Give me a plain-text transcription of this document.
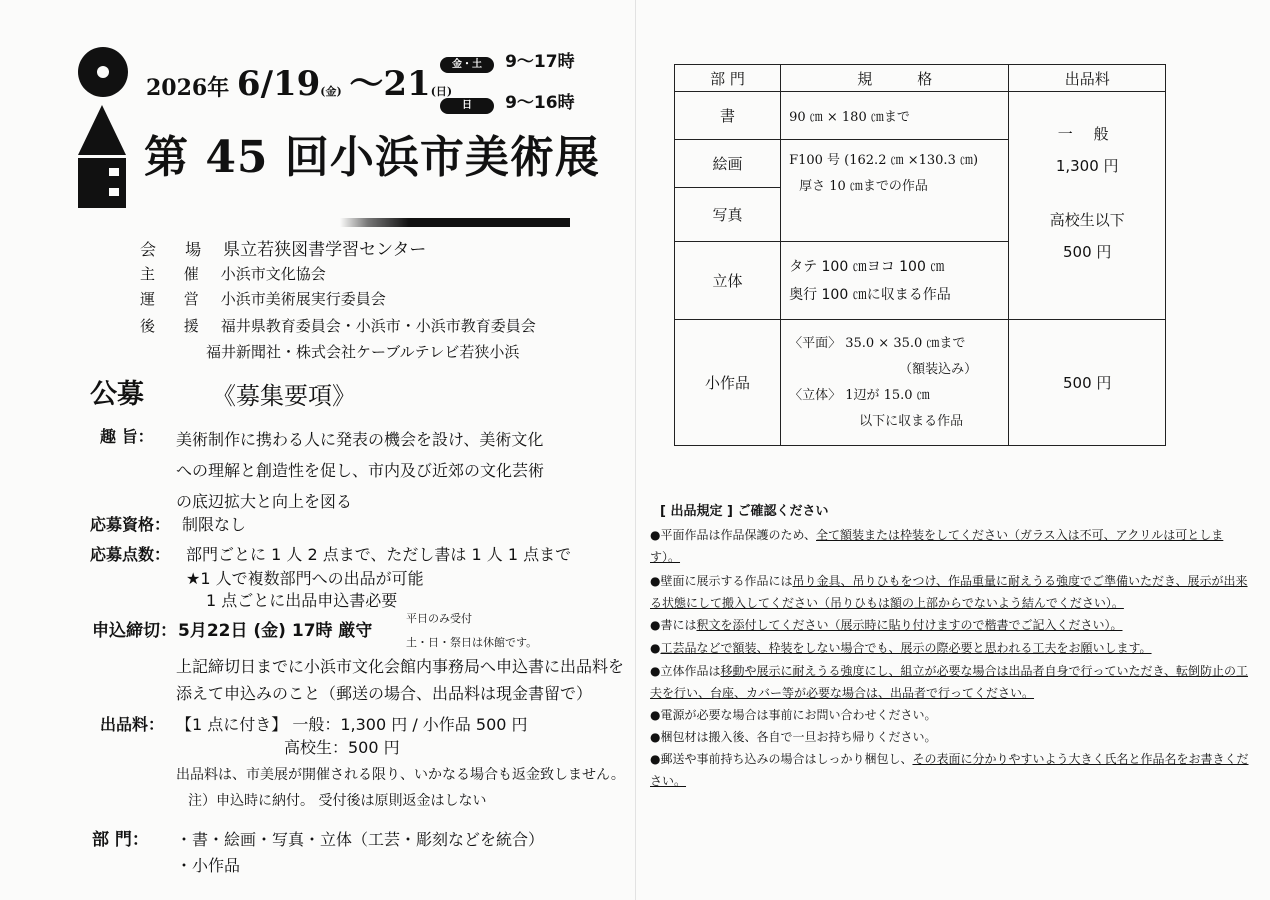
2026年 6/19(金) ～21(日)
金・土 9～17時
日 9～16時
第 45 回小浜市美術展
会 場 県立若狭図書学習センター
主 催 小浜市文化協会
運 営 小浜市美術展実行委員会
後 援 福井県教育委員会・小浜市・小浜市教育委員会
福井新聞社・株式会社ケーブルテレビ若狭小浜
公募	《募集要項》
趣 旨： 美術制作に携わる人に発表の機会を設け、美術文化
への理解と創造性を促し、市内及び近郊の文化芸術
の底辺拡大と向上を図る
応募資格： 制限なし
応募点数： 部門ごとに 1 人 2 点まで、ただし書は 1 人 1 点まで
★1 人で複数部門への出品が可能
1 点ごとに出品申込書必要
申込締切： 5月22日 (金) 17時 厳守
平日のみ受付
土・日・祭日は休館です。
上記締切日までに小浜市文化会館内事務局へ申込書に出品料を
添えて申込みのこと（郵送の場合、出品料は現金書留で）
出品料： 【1 点に付き】 一般：1,300 円 / 小作品 500 円
高校生：500 円
出品料は、市美展が開催される限り、いかなる場合も返金致しません。
注）申込時に納付。 受付後は原則返金はしない
部 門： ・書・絵画・写真・立体（工芸・彫刻などを統合）
・小作品
部 門	規　　　格	出品料
書	90 ㎝ × 180 ㎝まで	一 般
1,300 円
高校生以下
500 円

絵画	F100 号 (162.2 ㎝ ×130.3 ㎝)
厚さ 10 ㎝までの作品	

写真		
立体	タテ 100 ㎝ヨコ 100 ㎝
奥行 100 ㎝に収まる作品	

小作品	〈平面〉 35.0 × 35.0 ㎝まで
（額装込み）
〈立体〉 1辺が 15.0 ㎝
以下に収まる作品	500 円
[ 出品規定 ] ご確認ください
●平面作品は作品保護のため、全て額装または枠装をしてください（ガラス入は不可、アクリルは可とします）。
●壁面に展示する作品には吊り金具、吊りひもをつけ、作品重量に耐えうる強度でご準備いただき、展示が出来る状態にして搬入してください（吊りひもは額の上部からでないよう結んでください）。
●書には釈文を添付してください（展示時に貼り付けますので楷書でご記入ください）。
●工芸品などで額装、枠装をしない場合でも、展示の際必要と思われる工夫をお願いします。
●立体作品は移動や展示に耐えうる強度にし、組立が必要な場合は出品者自身で行っていただき、転倒防止の工夫を行い、台座、カバー等が必要な場合は、出品者で行ってください。
●電源が必要な場合は事前にお問い合わせください。
●梱包材は搬入後、各自で一旦お持ち帰りください。
●郵送や事前持ち込みの場合はしっかり梱包し、その表面に分かりやすいよう大きく氏名と作品名をお書きください。
